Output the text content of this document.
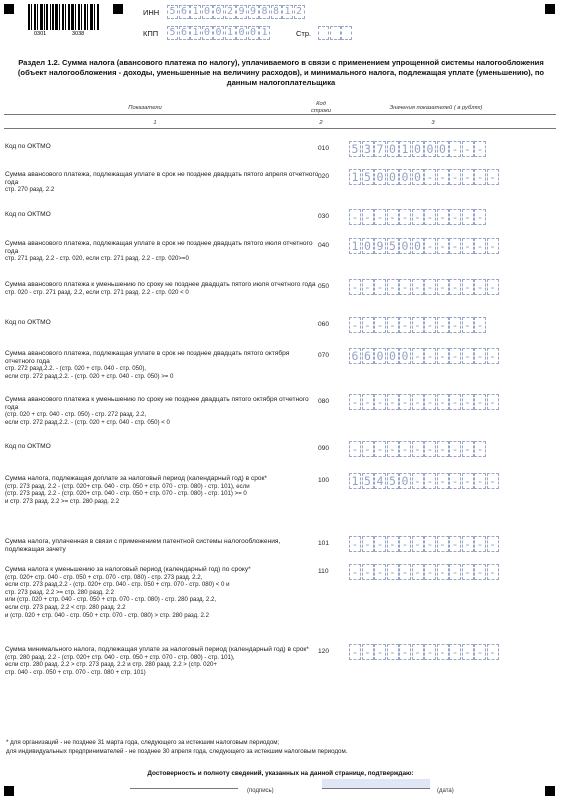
0301	3038
ИНН 5 6 1 0 0 2 9 9 8 8 1 2
КПП 5 6 1 0 0 1 0 0 1	Стр.
Раздел 1.2. Сумма налога (авансового платежа по налогу), уплачиваемого в связи с применением упрощенной системы налогообложения (объект налогообложения - доходы, уменьшенные на величину расходов), и минимального налога, подлежащая уплате (уменьшению), по данным налогоплательщика
Показатели
Код строки	Значения показателей ( в рублях)
1	2	3
Код по ОКТМО	010 5 3 7 0 1 0 0 0 - - -
Сумма авансового платежа, подлежащая уплате в срок не позднее двадцать пятого апреля отчетного года
стр. 270 разд. 2.2
020 1 5 0 0 0 0 - - - - - -
Код по ОКТМО	030 - - - - - - - - - - -
Сумма авансового платежа, подлежащая уплате в срок не позднее двадцать пятого июля отчетного года
стр. 271 разд. 2.2 - стр. 020, если стр. 271 разд. 2.2 - стр. 020>=0
040 1 0 9 5 0 0 - - - - - -
Сумма авансового платежа к уменьшению по сроку не позднее двадцать пятого июля отчетного года
стр. 020 - стр. 271 разд. 2.2, если стр. 271 разд. 2.2 - стр. 020 < 0
050 - - - - - - - - - - - -
Код по ОКТМО	060 - - - - - - - - - - -
Сумма авансового платежа, подлежащая уплате в срок не позднее двадцать пятого октября отчетного года
стр. 272 разд.2.2. - (стр. 020 + стр. 040 - стр. 050),
если стр. 272 разд.2.2. - (стр. 020 + стр. 040 - стр. 050) >= 0
070 6 6 0 0 0 - - - - - - -
Сумма авансового платежа к уменьшению по сроку не позднее двадцать пятого октября отчетного года
(стр. 020 + стр. 040 - стр. 050) - стр. 272 разд. 2.2,
если стр. 272 разд.2.2. - (стр. 020 + стр. 040 - стр. 050) < 0
080 - - - - - - - - - - - -
Код по ОКТМО	090 - - - - - - - - - - -
Сумма налога, подлежащая доплате за налоговый период (календарный год) в срок*
(стр. 273 разд. 2.2 - (стр. 020+ стр. 040 - стр. 050 + стр. 070 - стр. 080) - стр. 101), если
(стр. 273 разд. 2.2 - (стр. 020+ стр. 040 - стр. 050 + стр. 070 - стр. 080) - стр. 101) >= 0
и стр. 273 разд. 2.2 >= стр. 280 разд. 2.2
100 1 5 4 5 0 - - - - - - -
Сумма налога, уплаченная в связи с применением патентной системы налогообложения, подлежащая зачету
101 - - - - - - - - - - - -
Сумма налога к уменьшению за налоговый период (календарный год) по сроку*
(стр. 020+ стр. 040 - стр. 050 + стр. 070 - стр. 080) - стр. 273 разд. 2.2,
если стр. 273 разд.2.2 - (стр. 020+ стр. 040 - стр. 050 + стр. 070 - стр. 080) < 0 и
стр. 273 разд. 2.2 >= стр. 280 разд. 2.2
или (стр. 020 + стр. 040 - стр. 050 + стр. 070 - стр. 080) - стр. 280 разд. 2.2,
если стр. 273 разд. 2.2 < стр. 280 разд. 2.2
и (стр. 020 + стр. 040 - стр. 050 + стр. 070 - стр. 080) > стр. 280 разд. 2.2
110 - - - - - - - - - - - -
Сумма минимального налога, подлежащая уплате за налоговый период (календарный год) в срок*
(стр. 280 разд. 2.2 - (стр. 020+ стр. 040 - стр. 050 + стр. 070 - стр. 080) - стр. 101),
если стр. 280 разд. 2.2 > стр. 273 разд. 2.2 и стр. 280 разд. 2.2 > (стр. 020+
стр. 040 - стр. 050 + стр. 070 - стр. 080 + стр. 101)
120 - - - - - - - - - - - -
* для организаций - не позднее 31 марта года, следующего за истекшим налоговым периодом;
для индивидуальных предпринимателей - не позднее 30 апреля года, следующего за истекшим налоговым периодом.
Достоверность и полноту сведений, указанных на данной странице, подтверждаю:
(подпись)	(дата)
